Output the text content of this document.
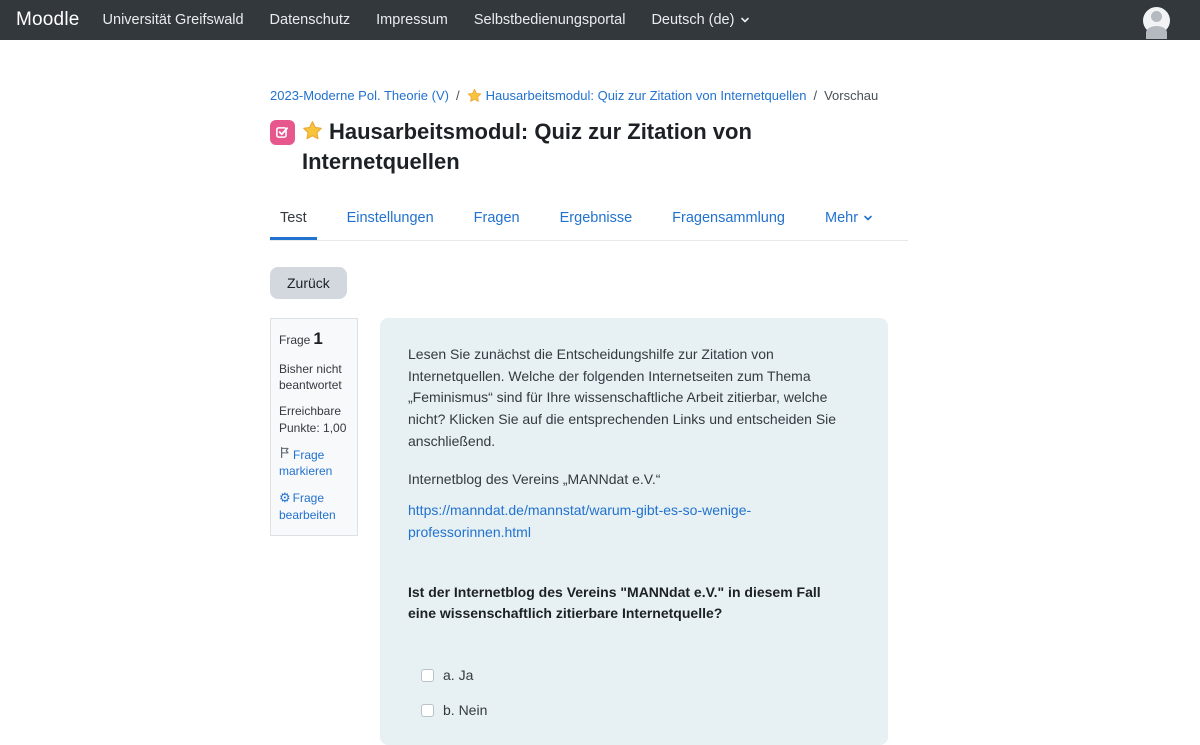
Moodle	Universität Greifswald	Datenschutz	Impressum	Selbstbedienungsportal	Deutsch (de)
2023-Moderne Pol. Theorie (V) / Hausarbeitsmodul: Quiz zur Zitation von Internetquellen / Vorschau
Hausarbeitsmodul: Quiz zur Zitation von Internetquellen
Test	Einstellungen	Fragen	Ergebnisse	Fragensammlung	Mehr
Zurück
Frage 1
Bisher nicht beantwortet
Erreichbare Punkte: 1,00
Frage markieren
⚙ Frage bearbeiten

Lesen Sie zunächst die Entscheidungshilfe zur Zitation von Internetquellen. Welche der folgenden Internetseiten zum Thema „Feminismus“ sind für Ihre wissenschaftliche Arbeit zitierbar, welche nicht? Klicken Sie auf die entsprechenden Links und entscheiden Sie anschließend.

Internetblog des Vereins „MANNdat e.V.“

https://manndat.de/mannstat/warum-gibt-es-so-wenige-professorinnen.html

Ist der Internetblog des Vereins "MANNdat e.V." in diesem Fall eine wissenschaftlich zitierbare Internetquelle?

a. Ja
b. Nein
